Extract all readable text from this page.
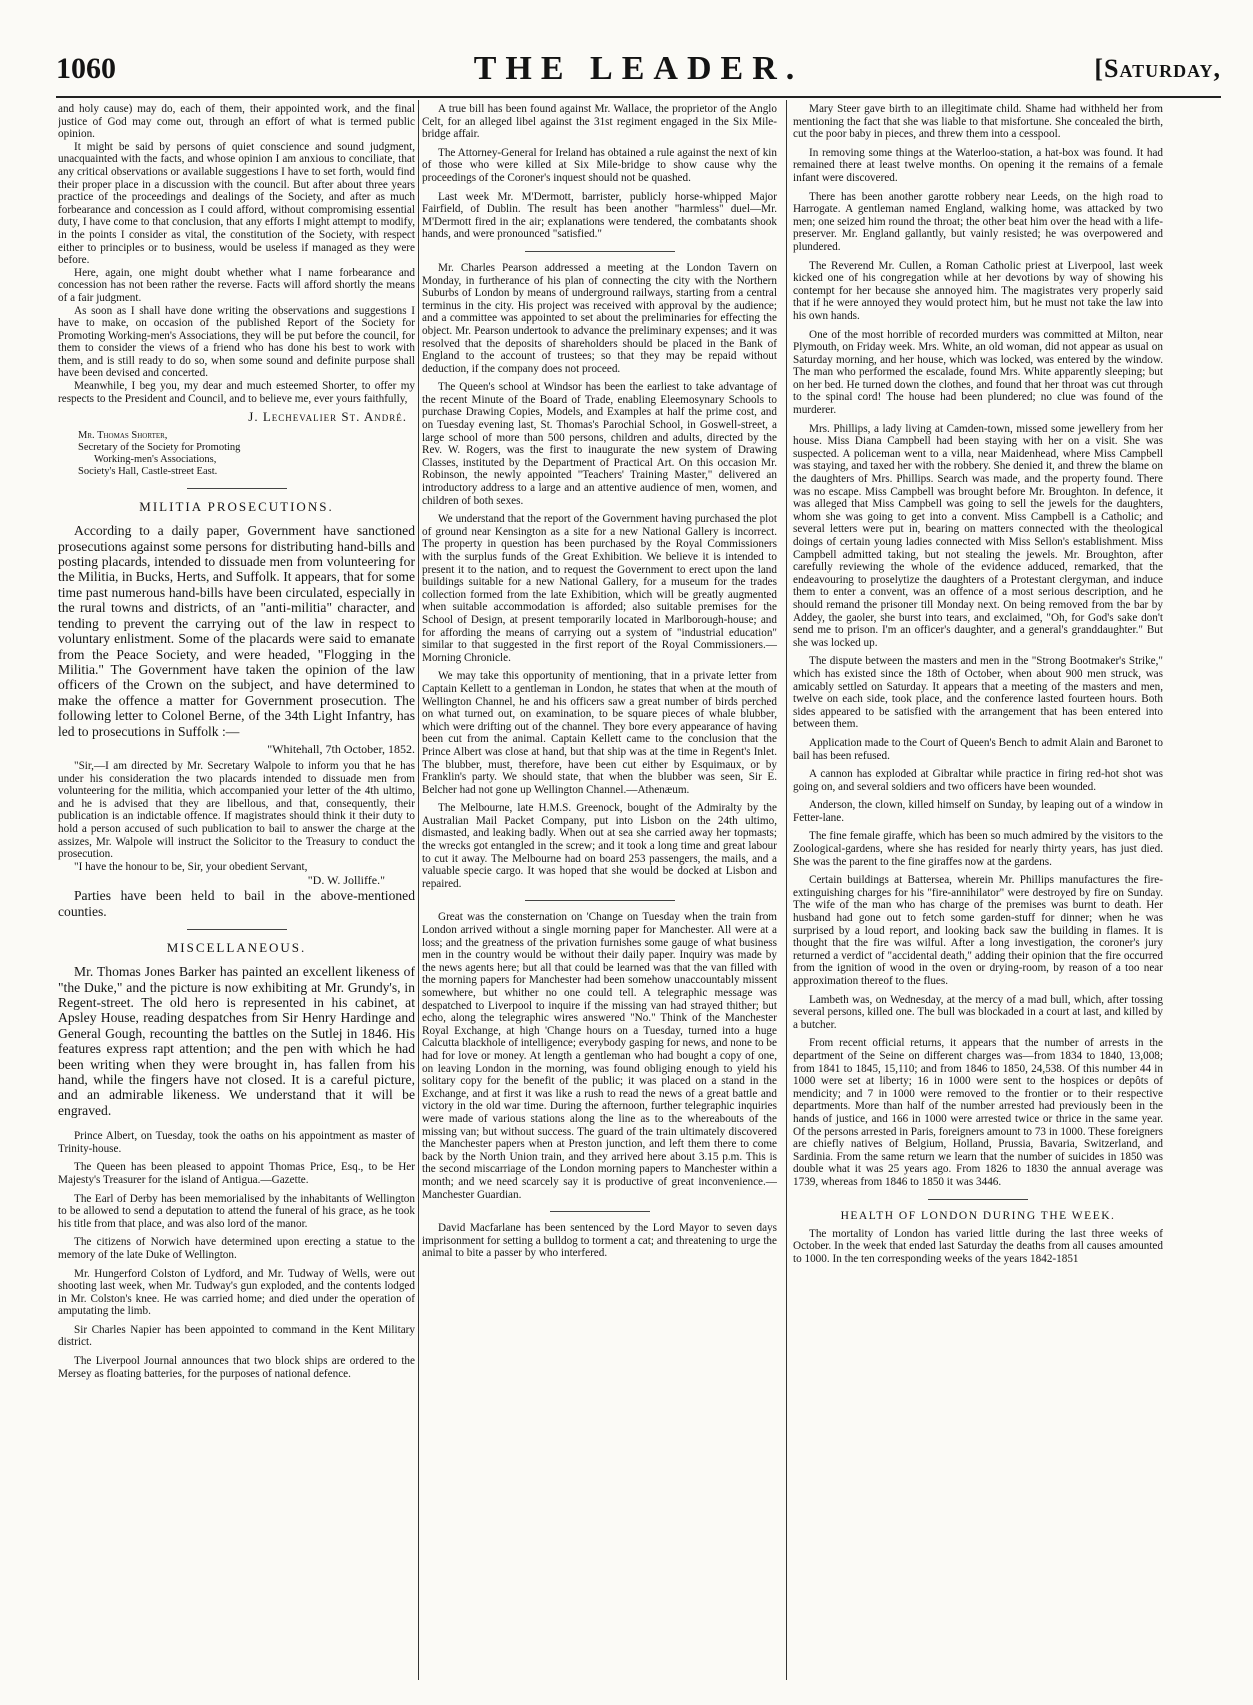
1060	THE LEADER.	[Saturday,

and holy cause) may do, each of them, their appointed work, and the final justice of God may come out, through an effort of what is termed public opinion.

It might be said by persons of quiet conscience and sound judgment, unacquainted with the facts, and whose opinion I am anxious to conciliate, that any critical observations or available suggestions I have to set forth, would find their proper place in a discussion with the council. But after about three years practice of the proceedings and dealings of the Society, and after as much forbearance and concession as I could afford, without compromising essential duty, I have come to that conclusion, that any efforts I might attempt to modify, in the points I consider as vital, the constitution of the Society, with respect either to principles or to business, would be useless if managed as they were before.

Here, again, one might doubt whether what I name forbearance and concession has not been rather the reverse. Facts will afford shortly the means of a fair judgment.

As soon as I shall have done writing the observations and suggestions I have to make, on occasion of the published Report of the Society for Promoting Working-men's Associations, they will be put before the council, for them to consider the views of a friend who has done his best to work with them, and is still ready to do so, when some sound and definite purpose shall have been devised and concerted.

Meanwhile, I beg you, my dear and much esteemed Shorter, to offer my respects to the President and Council, and to believe me, ever yours faithfully,

J. Lechevalier St. André.
Mr. Thomas Shorter,
Secretary of the Society for Promoting
Working-men's Associations,
Society's Hall, Castle-street East.
MILITIA PROSECUTIONS.

According to a daily paper, Government have sanctioned prosecutions against some persons for distributing hand-bills and posting placards, intended to dissuade men from volunteering for the Militia, in Bucks, Herts, and Suffolk. It appears, that for some time past numerous hand-bills have been circulated, especially in the rural towns and districts, of an "anti-militia" character, and tending to prevent the carrying out of the law in respect to voluntary enlistment. Some of the placards were said to emanate from the Peace Society, and were headed, "Flogging in the Militia." The Government have taken the opinion of the law officers of the Crown on the subject, and have determined to make the offence a matter for Government prosecution. The following letter to Colonel Berne, of the 34th Light Infantry, has led to prosecutions in Suffolk :—

"Whitehall, 7th October, 1852.

"Sir,—I am directed by Mr. Secretary Walpole to inform you that he has under his consideration the two placards intended to dissuade men from volunteering for the militia, which accompanied your letter of the 4th ultimo, and he is advised that they are libellous, and that, consequently, their publication is an indictable offence. If magistrates should think it their duty to hold a person accused of such publication to bail to answer the charge at the assizes, Mr. Walpole will instruct the Solicitor to the Treasury to conduct the prosecution.

"I have the honour to be, Sir, your obedient Servant,

"D. W. Jolliffe."

Parties have been held to bail in the above-mentioned counties.

MISCELLANEOUS.

Mr. Thomas Jones Barker has painted an excellent likeness of "the Duke," and the picture is now exhibiting at Mr. Grundy's, in Regent-street. The old hero is represented in his cabinet, at Apsley House, reading despatches from Sir Henry Hardinge and General Gough, recounting the battles on the Sutlej in 1846. His features express rapt attention; and the pen with which he had been writing when they were brought in, has fallen from his hand, while the fingers have not closed. It is a careful picture, and an admirable likeness. We understand that it will be engraved.

Prince Albert, on Tuesday, took the oaths on his appointment as master of Trinity-house.

The Queen has been pleased to appoint Thomas Price, Esq., to be Her Majesty's Treasurer for the island of Antigua.—Gazette.

The Earl of Derby has been memorialised by the inhabitants of Wellington to be allowed to send a deputation to attend the funeral of his grace, as he took his title from that place, and was also lord of the manor.

The citizens of Norwich have determined upon erecting a statue to the memory of the late Duke of Wellington.

Mr. Hungerford Colston of Lydford, and Mr. Tudway of Wells, were out shooting last week, when Mr. Tudway's gun exploded, and the contents lodged in Mr. Colston's knee. He was carried home; and died under the operation of amputating the limb.

Sir Charles Napier has been appointed to command in the Kent Military district.

The Liverpool Journal announces that two block ships are ordered to the Mersey as floating batteries, for the purposes of national defence.

A true bill has been found against Mr. Wallace, the proprietor of the Anglo Celt, for an alleged libel against the 31st regiment engaged in the Six Mile-bridge affair.

The Attorney-General for Ireland has obtained a rule against the next of kin of those who were killed at Six Mile-bridge to show cause why the proceedings of the Coroner's inquest should not be quashed.

Last week Mr. M'Dermott, barrister, publicly horse-whipped Major Fairfield, of Dublin. The result has been another "harmless" duel—Mr. M'Dermott fired in the air; explanations were tendered, the combatants shook hands, and were pronounced "satisfied."

Mr. Charles Pearson addressed a meeting at the London Tavern on Monday, in furtherance of his plan of connecting the city with the Northern Suburbs of London by means of underground railways, starting from a central terminus in the city. His project was received with approval by the audience; and a committee was appointed to set about the preliminaries for effecting the object. Mr. Pearson undertook to advance the preliminary expenses; and it was resolved that the deposits of shareholders should be placed in the Bank of England to the account of trustees; so that they may be repaid without deduction, if the company does not proceed.

The Queen's school at Windsor has been the earliest to take advantage of the recent Minute of the Board of Trade, enabling Eleemosynary Schools to purchase Drawing Copies, Models, and Examples at half the prime cost, and on Tuesday evening last, St. Thomas's Parochial School, in Goswell-street, a large school of more than 500 persons, children and adults, directed by the Rev. W. Rogers, was the first to inaugurate the new system of Drawing Classes, instituted by the Department of Practical Art. On this occasion Mr. Robinson, the newly appointed "Teachers' Training Master," delivered an introductory address to a large and an attentive audience of men, women, and children of both sexes.

We understand that the report of the Government having purchased the plot of ground near Kensington as a site for a new National Gallery is incorrect. The property in question has been purchased by the Royal Commissioners with the surplus funds of the Great Exhibition. We believe it is intended to present it to the nation, and to request the Government to erect upon the land buildings suitable for a new National Gallery, for a museum for the trades collection formed from the late Exhibition, which will be greatly augmented when suitable accommodation is afforded; also suitable premises for the School of Design, at present temporarily located in Marlborough-house; and for affording the means of carrying out a system of "industrial education" similar to that suggested in the first report of the Royal Commissioners.—Morning Chronicle.

We may take this opportunity of mentioning, that in a private letter from Captain Kellett to a gentleman in London, he states that when at the mouth of Wellington Channel, he and his officers saw a great number of birds perched on what turned out, on examination, to be square pieces of whale blubber, which were drifting out of the channel. They bore every appearance of having been cut from the animal. Captain Kellett came to the conclusion that the Prince Albert was close at hand, but that ship was at the time in Regent's Inlet. The blubber, must, therefore, have been cut either by Esquimaux, or by Franklin's party. We should state, that when the blubber was seen, Sir E. Belcher had not gone up Wellington Channel.—Athenæum.

The Melbourne, late H.M.S. Greenock, bought of the Admiralty by the Australian Mail Packet Company, put into Lisbon on the 24th ultimo, dismasted, and leaking badly. When out at sea she carried away her topmasts; the wrecks got entangled in the screw; and it took a long time and great labour to cut it away. The Melbourne had on board 253 passengers, the mails, and a valuable specie cargo. It was hoped that she would be docked at Lisbon and repaired.

Great was the consternation on 'Change on Tuesday when the train from London arrived without a single morning paper for Manchester. All were at a loss; and the greatness of the privation furnishes some gauge of what business men in the country would be without their daily paper. Inquiry was made by the news agents here; but all that could be learned was that the van filled with the morning papers for Manchester had been somehow unaccountably missent somewhere, but whither no one could tell. A telegraphic message was despatched to Liverpool to inquire if the missing van had strayed thither; but echo, along the telegraphic wires answered "No." Think of the Manchester Royal Exchange, at high 'Change hours on a Tuesday, turned into a huge Calcutta blackhole of intelligence; everybody gasping for news, and none to be had for love or money. At length a gentleman who had bought a copy of one, on leaving London in the morning, was found obliging enough to yield his solitary copy for the benefit of the public; it was placed on a stand in the Exchange, and at first it was like a rush to read the news of a great battle and victory in the old war time. During the afternoon, further telegraphic inquiries were made of various stations along the line as to the whereabouts of the missing van; but without success. The guard of the train ultimately discovered the Manchester papers when at Preston junction, and left them there to come back by the North Union train, and they arrived here about 3.15 p.m. This is the second miscarriage of the London morning papers to Manchester within a month; and we need scarcely say it is productive of great inconvenience.—Manchester Guardian.

David Macfarlane has been sentenced by the Lord Mayor to seven days imprisonment for setting a bulldog to torment a cat; and threatening to urge the animal to bite a passer by who interfered.

Mary Steer gave birth to an illegitimate child. Shame had withheld her from mentioning the fact that she was liable to that misfortune. She concealed the birth, cut the poor baby in pieces, and threw them into a cesspool.

In removing some things at the Waterloo-station, a hat-box was found. It had remained there at least twelve months. On opening it the remains of a female infant were discovered.

There has been another garotte robbery near Leeds, on the high road to Harrogate. A gentleman named England, walking home, was attacked by two men; one seized him round the throat; the other beat him over the head with a life-preserver. Mr. England gallantly, but vainly resisted; he was overpowered and plundered.

The Reverend Mr. Cullen, a Roman Catholic priest at Liverpool, last week kicked one of his congregation while at her devotions by way of showing his contempt for her because she annoyed him. The magistrates very properly said that if he were annoyed they would protect him, but he must not take the law into his own hands.

One of the most horrible of recorded murders was committed at Milton, near Plymouth, on Friday week. Mrs. White, an old woman, did not appear as usual on Saturday morning, and her house, which was locked, was entered by the window. The man who performed the escalade, found Mrs. White apparently sleeping; but on her bed. He turned down the clothes, and found that her throat was cut through to the spinal cord! The house had been plundered; no clue was found of the murderer.

Mrs. Phillips, a lady living at Camden-town, missed some jewellery from her house. Miss Diana Campbell had been staying with her on a visit. She was suspected. A policeman went to a villa, near Maidenhead, where Miss Campbell was staying, and taxed her with the robbery. She denied it, and threw the blame on the daughters of Mrs. Phillips. Search was made, and the property found. There was no escape. Miss Campbell was brought before Mr. Broughton. In defence, it was alleged that Miss Campbell was going to sell the jewels for the daughters, whom she was going to get into a convent. Miss Campbell is a Catholic; and several letters were put in, bearing on matters connected with the theological doings of certain young ladies connected with Miss Sellon's establishment. Miss Campbell admitted taking, but not stealing the jewels. Mr. Broughton, after carefully reviewing the whole of the evidence adduced, remarked, that the endeavouring to proselytize the daughters of a Protestant clergyman, and induce them to enter a convent, was an offence of a most serious description, and he should remand the prisoner till Monday next. On being removed from the bar by Addey, the gaoler, she burst into tears, and exclaimed, "Oh, for God's sake don't send me to prison. I'm an officer's daughter, and a general's granddaughter." But she was locked up.

The dispute between the masters and men in the "Strong Bootmaker's Strike," which has existed since the 18th of October, when about 900 men struck, was amicably settled on Saturday. It appears that a meeting of the masters and men, twelve on each side, took place, and the conference lasted fourteen hours. Both sides appeared to be satisfied with the arrangement that has been entered into between them.

Application made to the Court of Queen's Bench to admit Alain and Baronet to bail has been refused.

A cannon has exploded at Gibraltar while practice in firing red-hot shot was going on, and several soldiers and two officers have been wounded.

Anderson, the clown, killed himself on Sunday, by leaping out of a window in Fetter-lane.

The fine female giraffe, which has been so much admired by the visitors to the Zoological-gardens, where she has resided for nearly thirty years, has just died. She was the parent to the fine giraffes now at the gardens.

Certain buildings at Battersea, wherein Mr. Phillips manufactures the fire-extinguishing charges for his "fire-annihilator" were destroyed by fire on Sunday. The wife of the man who has charge of the premises was burnt to death. Her husband had gone out to fetch some garden-stuff for dinner; when he was surprised by a loud report, and looking back saw the building in flames. It is thought that the fire was wilful. After a long investigation, the coroner's jury returned a verdict of "accidental death," adding their opinion that the fire occurred from the ignition of wood in the oven or drying-room, by reason of a too near approximation thereof to the flues.

Lambeth was, on Wednesday, at the mercy of a mad bull, which, after tossing several persons, killed one. The bull was blockaded in a court at last, and killed by a butcher.

From recent official returns, it appears that the number of arrests in the department of the Seine on different charges was—from 1834 to 1840, 13,008; from 1841 to 1845, 15,110; and from 1846 to 1850, 24,538. Of this number 44 in 1000 were set at liberty; 16 in 1000 were sent to the hospices or depôts of mendicity; and 7 in 1000 were removed to the frontier or to their respective departments. More than half of the number arrested had previously been in the hands of justice, and 166 in 1000 were arrested twice or thrice in the same year. Of the persons arrested in Paris, foreigners amount to 73 in 1000. These foreigners are chiefly natives of Belgium, Holland, Prussia, Bavaria, Switzerland, and Sardinia. From the same return we learn that the number of suicides in 1850 was double what it was 25 years ago. From 1826 to 1830 the annual average was 1739, whereas from 1846 to 1850 it was 3446.

HEALTH OF LONDON DURING THE WEEK.

The mortality of London has varied little during the last three weeks of October. In the week that ended last Saturday the deaths from all causes amounted to 1000. In the ten corresponding weeks of the years 1842-1851
